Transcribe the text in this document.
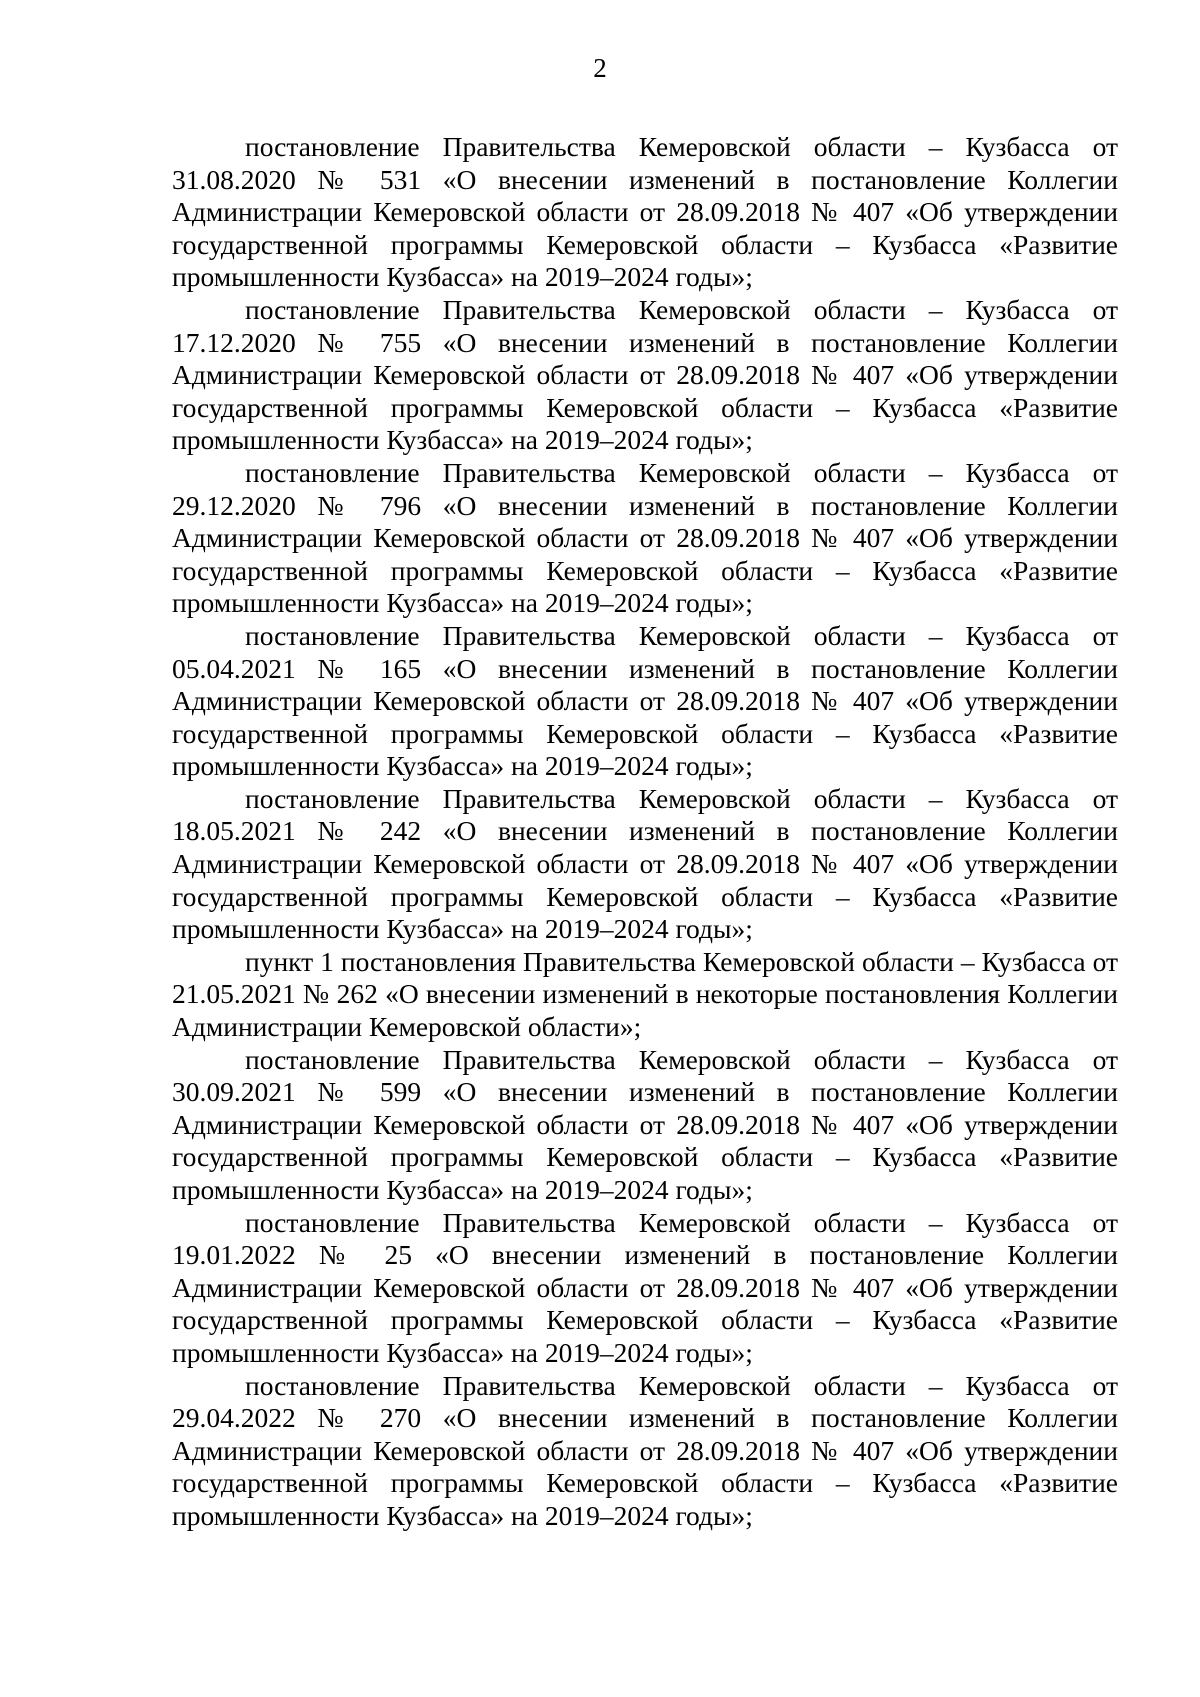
2

постановление Правительства Кемеровской области – Кузбасса от 31.08.2020 № 531 «О внесении изменений в постановление Коллегии Администрации Кемеровской области от 28.09.2018 № 407 «Об утверждении государственной программы Кемеровской области – Кузбасса «Развитие промышленности Кузбасса» на 2019–2024 годы»;

постановление Правительства Кемеровской области – Кузбасса от 17.12.2020 № 755 «О внесении изменений в постановление Коллегии Администрации Кемеровской области от 28.09.2018 № 407 «Об утверждении государственной программы Кемеровской области – Кузбасса «Развитие промышленности Кузбасса» на 2019–2024 годы»;

постановление Правительства Кемеровской области – Кузбасса от 29.12.2020 № 796 «О внесении изменений в постановление Коллегии Администрации Кемеровской области от 28.09.2018 № 407 «Об утверждении государственной программы Кемеровской области – Кузбасса «Развитие промышленности Кузбасса» на 2019–2024 годы»;

постановление Правительства Кемеровской области – Кузбасса от 05.04.2021 № 165 «О внесении изменений в постановление Коллегии Администрации Кемеровской области от 28.09.2018 № 407 «Об утверждении государственной программы Кемеровской области – Кузбасса «Развитие промышленности Кузбасса» на 2019–2024 годы»;

постановление Правительства Кемеровской области – Кузбасса от 18.05.2021 № 242 «О внесении изменений в постановление Коллегии Администрации Кемеровской области от 28.09.2018 № 407 «Об утверждении государственной программы Кемеровской области – Кузбасса «Развитие промышленности Кузбасса» на 2019–2024 годы»;

пункт 1 постановления Правительства Кемеровской области – Кузбасса от 21.05.2021 № 262 «О внесении изменений в некоторые постановления Коллегии Администрации Кемеровской области»;

постановление Правительства Кемеровской области – Кузбасса от 30.09.2021 № 599 «О внесении изменений в постановление Коллегии Администрации Кемеровской области от 28.09.2018 № 407 «Об утверждении государственной программы Кемеровской области – Кузбасса «Развитие промышленности Кузбасса» на 2019–2024 годы»;

постановление Правительства Кемеровской области – Кузбасса от 19.01.2022 № 25 «О внесении изменений в постановление Коллегии Администрации Кемеровской области от 28.09.2018 № 407 «Об утверждении государственной программы Кемеровской области – Кузбасса «Развитие промышленности Кузбасса» на 2019–2024 годы»;

постановление Правительства Кемеровской области – Кузбасса от 29.04.2022 № 270 «О внесении изменений в постановление Коллегии Администрации Кемеровской области от 28.09.2018 № 407 «Об утверждении государственной программы Кемеровской области – Кузбасса «Развитие промышленности Кузбасса» на 2019–2024 годы»;
